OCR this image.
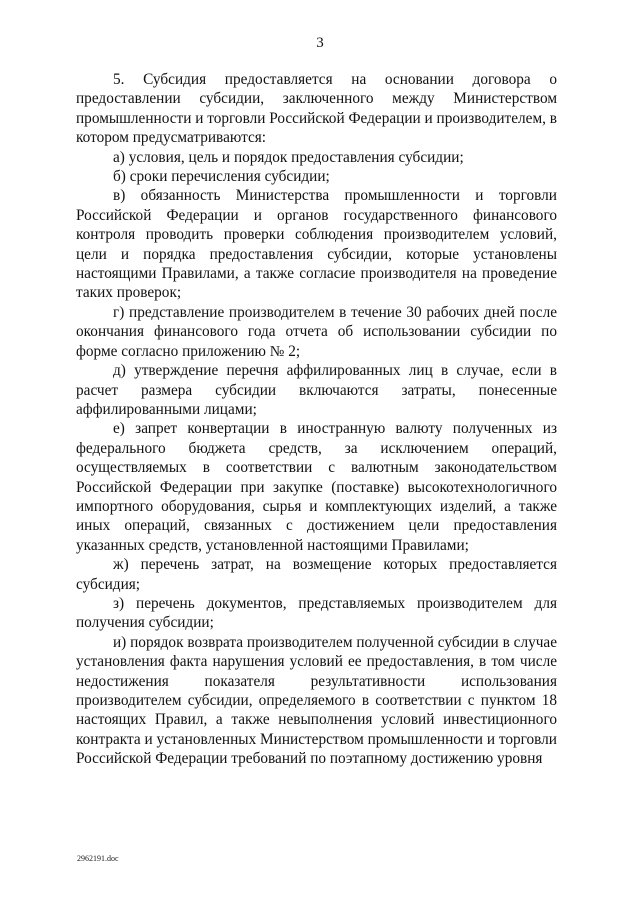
3

5. Субсидия предоставляется на основании договора о предоставлении субсидии, заключенного между Министерством промышленности и торговли Российской Федерации и производителем, в котором предусматриваются:

а) условия, цель и порядок предоставления субсидии;

б) сроки перечисления субсидии;

в) обязанность Министерства промышленности и торговли Российской Федерации и органов государственного финансового контроля проводить проверки соблюдения производителем условий, цели и порядка предоставления субсидии, которые установлены настоящими Правилами, а также согласие производителя на проведение таких проверок;

г) представление производителем в течение 30 рабочих дней после окончания финансового года отчета об использовании субсидии по форме согласно приложению № 2;

д) утверждение перечня аффилированных лиц в случае, если в расчет размера субсидии включаются затраты, понесенные аффилированными лицами;

е) запрет конвертации в иностранную валюту полученных из федерального бюджета средств, за исключением операций, осуществляемых в соответствии с валютным законодательством Российской Федерации при закупке (поставке) высокотехнологичного импортного оборудования, сырья и комплектующих изделий, а также иных операций, связанных с достижением цели предоставления указанных средств, установленной настоящими Правилами;

ж) перечень затрат, на возмещение которых предоставляется субсидия;

з) перечень документов, представляемых производителем для получения субсидии;

и) порядок возврата производителем полученной субсидии в случае установления факта нарушения условий ее предоставления, в том числе недостижения показателя результативности использования производителем субсидии, определяемого в соответствии с пунктом 18 настоящих Правил, а также невыполнения условий инвестиционного контракта и установленных Министерством промышленности и торговли Российской Федерации требований по поэтапному достижению уровня

2962191.doc
